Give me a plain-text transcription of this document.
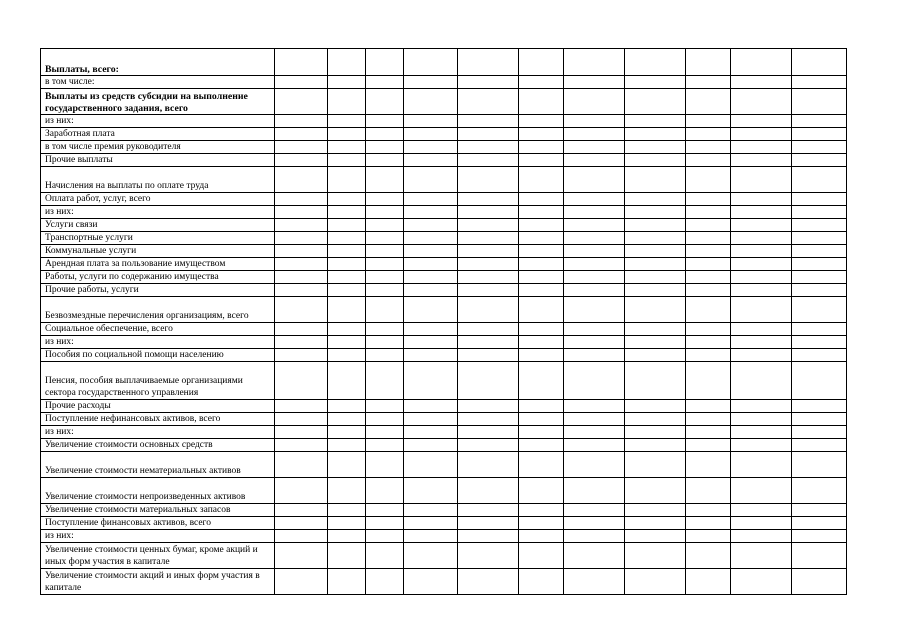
Выплаты, всего:											
в том числе:											
Выплаты из средств субсидии на выполнение государственного задания, всего											
из них:											
Заработная плата											
в том числе премия руководителя											
Прочие выплаты											
Начисления на выплаты по оплате труда											
Оплата работ, услуг, всего											
из них:											
Услуги связи											
Транспортные услуги											
Коммунальные услуги											
Арендная плата за пользование имуществом											
Работы, услуги по содержанию имущества											
Прочие работы, услуги											
Безвозмездные перечисления организациям, всего											
Социальное обеспечение, всего											
из них:											
Пособия по социальной помощи населению											
Пенсия, пособия выплачиваемые организациями сектора государственного управления											
Прочие расходы											
Поступление нефинансовых активов, всего											
из них:											
Увеличение стоимости основных средств											
Увеличение стоимости нематериальных активов											
Увеличение стоимости непроизведенных активов											
Увеличение стоимости материальных запасов											
Поступление финансовых активов, всего											
из них:											
Увеличение стоимости ценных бумаг, кроме акций и иных форм участия в капитале											
Увеличение стоимости акций и иных форм участия в капитале											
